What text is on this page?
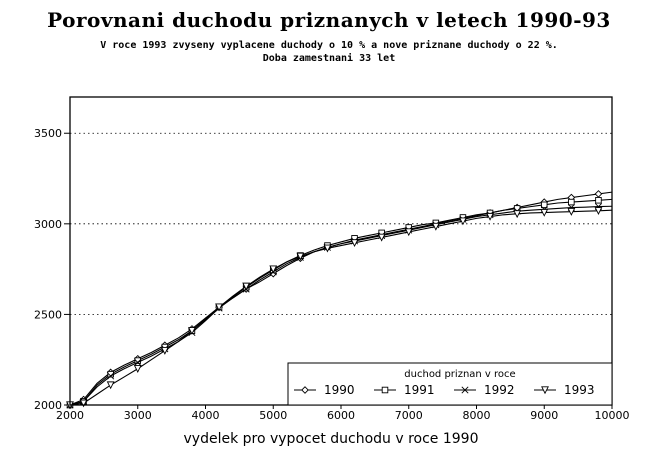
Porovnani duchodu priznanych v letech 1990-93
V roce 1993 zvyseny vyplacene duchody o 10 % a nove priznane duchody o 22 %.
Doba zamestnani 33 let
2000
2500
3000
3500
2000	3000	4000	5000	6000	7000	8000	9000	10000
duchod priznan v roce
1990	1991	1992	1993
vydelek pro vypocet duchodu v roce 1990
